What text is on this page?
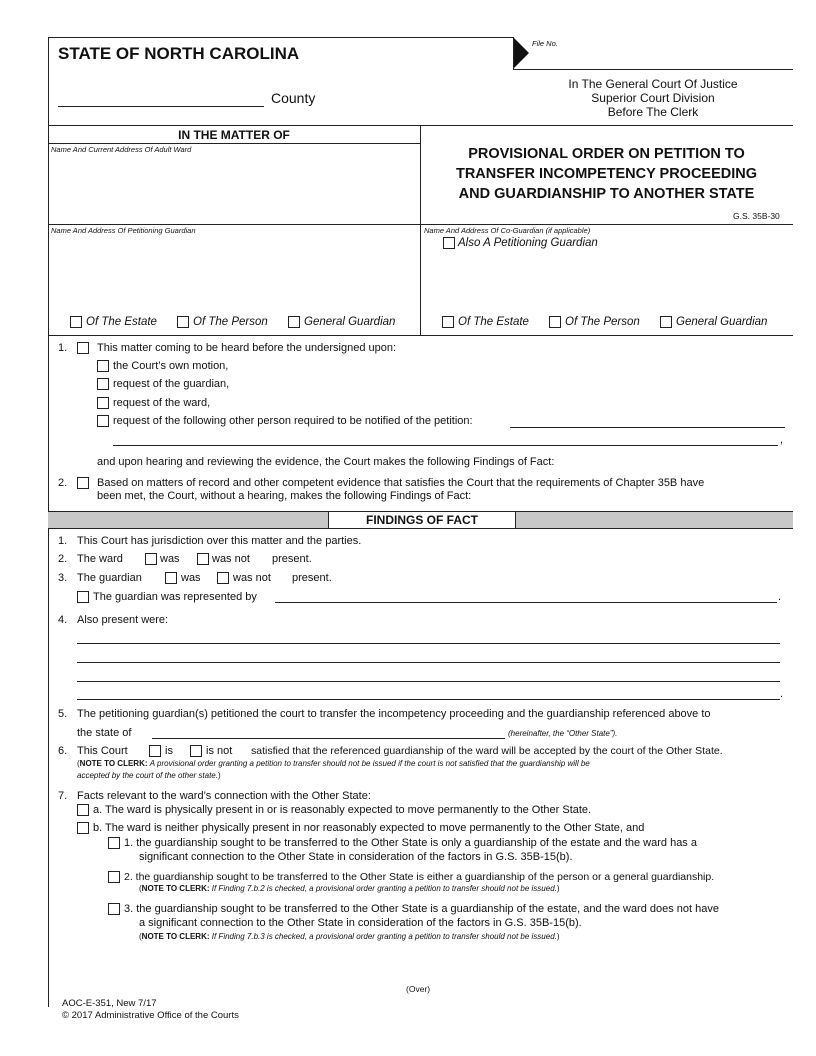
STATE OF NORTH CAROLINA
County
File No.
In The General Court Of Justice
Superior Court Division
Before The Clerk
IN THE MATTER OF
Name And Current Address Of Adult Ward
Name And Address Of Petitioning Guardian	Name And Address Of Co-Guardian (if applicable)
Also A Petitioning Guardian
Of The Estate	Of The Person	General Guardian	Of The Estate	Of The Person	General Guardian
PROVISIONAL ORDER ON PETITION TO
TRANSFER INCOMPETENCY PROCEEDING
AND GUARDIANSHIP TO ANOTHER STATE
G.S. 35B-30
1.	This matter coming to be heard before the undersigned upon:
the Court’s own motion,
request of the guardian,
request of the ward,
request of the following other person required to be notified of the petition:
,
and upon hearing and reviewing the evidence, the Court makes the following Findings of Fact:
2.	Based on matters of record and other competent evidence that satisfies the Court that the requirements of Chapter 35B have
been met, the Court, without a hearing, makes the following Findings of Fact:
FINDINGS OF FACT
1. This Court has jurisdiction over this matter and the parties.
2. The ward	was	was not present.
3. The guardian	was	was not present.
The guardian was represented by	.
4. Also present were:
.
5. The petitioning guardian(s) petitioned the court to transfer the incompetency proceeding and the guardianship referenced above to
the state of	(hereinafter, the “Other State”).
6. This Court	is	is not satisfied that the referenced guardianship of the ward will be accepted by the court of the Other State.
(NOTE TO CLERK: A provisional order granting a petition to transfer should not be issued if the court is not satisfied that the guardianship will be
accepted by the court of the other state.)
7. Facts relevant to the ward’s connection with the Other State:
a. The ward is physically present in or is reasonably expected to move permanently to the Other State.
b. The ward is neither physically present in nor reasonably expected to move permanently to the Other State, and
1. the guardianship sought to be transferred to the Other State is only a guardianship of the estate and the ward has a
significant connection to the Other State in consideration of the factors in G.S. 35B-15(b).
2. the guardianship sought to be transferred to the Other State is either a guardianship of the person or a general guardianship.
(NOTE TO CLERK: If Finding 7.b.2 is checked, a provisional order granting a petition to transfer should not be issued.)
3. the guardianship sought to be transferred to the Other State is a guardianship of the estate, and the ward does not have
a significant connection to the Other State in consideration of the factors in G.S. 35B-15(b).
(NOTE TO CLERK: If Finding 7.b.3 is checked, a provisional order granting a petition to transfer should not be issued.)
(Over)
AOC-E-351, New 7/17
© 2017 Administrative Office of the Courts
